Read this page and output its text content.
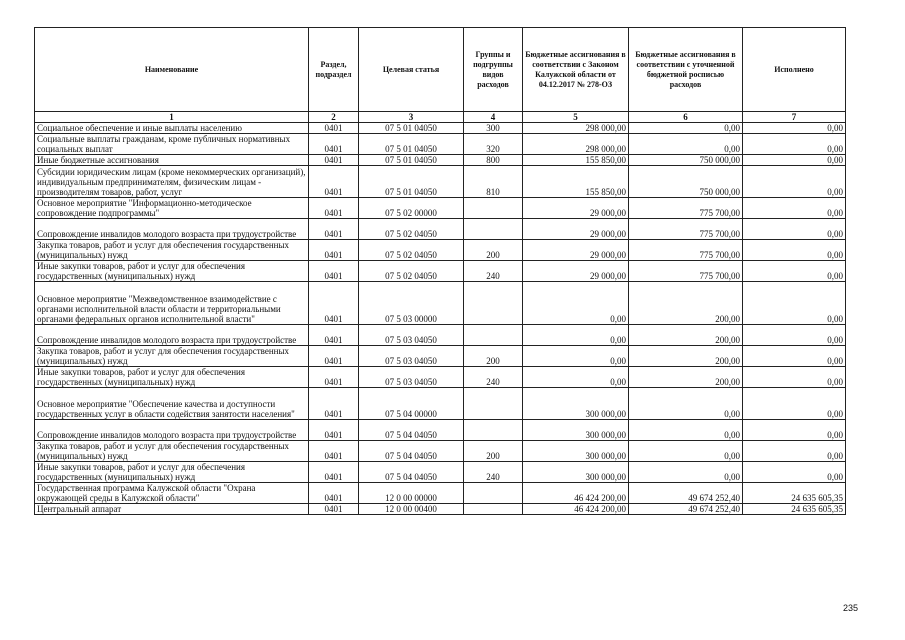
Наименование	Раздел, подраздел	Целевая статья	Группы и подгруппы видов расходов	Бюджетные ассигнования в соответствии с Законом Калужской области от 04.12.2017 № 278-ОЗ	Бюджетные ассигнования в соответствии с уточненной бюджетной росписью расходов	Исполнено
1	2	3	4	5	6	7
Социальное обеспечение и иные выплаты населению	0401	07 5 01 04050	300	298 000,00	0,00	0,00
Социальные выплаты гражданам, кроме публичных нормативных социальных выплат	0401	07 5 01 04050	320	298 000,00	0,00	0,00
Иные бюджетные ассигнования	0401	07 5 01 04050	800	155 850,00	750 000,00	0,00
Субсидии юридическим лицам (кроме некоммерческих организаций), индивидуальным предпринимателям, физическим лицам - производителям товаров, работ, услуг	0401	07 5 01 04050	810	155 850,00	750 000,00	0,00
Основное мероприятие "Информационно-методическое сопровождение подпрограммы"	0401	07 5 02 00000		29 000,00	775 700,00	0,00
Сопровождение инвалидов молодого возраста при трудоустройстве	0401	07 5 02 04050		29 000,00	775 700,00	0,00
Закупка товаров, работ и услуг для обеспечения государственных (муниципальных) нужд	0401	07 5 02 04050	200	29 000,00	775 700,00	0,00
Иные закупки товаров, работ и услуг для обеспечения государственных (муниципальных) нужд	0401	07 5 02 04050	240	29 000,00	775 700,00	0,00
Основное мероприятие "Межведомственное взаимодействие с органами исполнительной власти области и территориальными органами федеральных органов исполнительной власти"	0401	07 5 03 00000		0,00	200,00	0,00
Сопровождение инвалидов молодого возраста при трудоустройстве	0401	07 5 03 04050		0,00	200,00	0,00
Закупка товаров, работ и услуг для обеспечения государственных (муниципальных) нужд	0401	07 5 03 04050	200	0,00	200,00	0,00
Иные закупки товаров, работ и услуг для обеспечения государственных (муниципальных) нужд	0401	07 5 03 04050	240	0,00	200,00	0,00
Основное мероприятие "Обеспечение качества и доступности государственных услуг в области содействия занятости населения"	0401	07 5 04 00000		300 000,00	0,00	0,00
Сопровождение инвалидов молодого возраста при трудоустройстве	0401	07 5 04 04050		300 000,00	0,00	0,00
Закупка товаров, работ и услуг для обеспечения государственных (муниципальных) нужд	0401	07 5 04 04050	200	300 000,00	0,00	0,00
Иные закупки товаров, работ и услуг для обеспечения государственных (муниципальных) нужд	0401	07 5 04 04050	240	300 000,00	0,00	0,00
Государственная программа Калужской области "Охрана окружающей среды в Калужской области"	0401	12 0 00 00000		46 424 200,00	49 674 252,40	24 635 605,35
Центральный аппарат	0401	12 0 00 00400		46 424 200,00	49 674 252,40	24 635 605,35
235
